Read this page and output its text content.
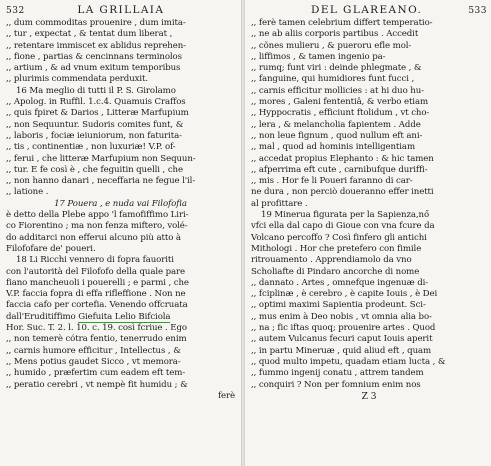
532	LA GRILLAIA
,, dum commoditas prouenire , dum imita-
,, tur , expectat , & tentat dum liberat ,
,, retentare immiscet ex ablidus reprehen-
,, fione , partias & cencinnans terminolos
,, artium , & ad vnum exitum temporibus
,, plurimis commendata perduxit.
16 Ma meglio di tutti il P. S. Girolamo
,, Apolog. in Ruffil. 1.c.4. Quamuis Craffos
,, quis fpiret & Darios , Litteræ Marfupium
,, non Sequuntur. Sudoris comites funt, &
,, laboris , fociæ ieiuniorum, non faturita-
,, tis , continentiæ , non luxuriæ! V.P. of-
,, ferui , che litteræ Marfupium non Sequun-
,, tur. E fe così è , che feguitin quelli , che
,, non hanno danari , neceffaria ne fegue l'il-
,, latione .
17 Pouera , e nuda vai Filofofia
è detto della Plebe appo 'l famofiffimo Liri-
co Fiorentino ; ma non fenza miftero, volé-
do additarci non efferui alcuno più atto à
Filofofare de' poueri.
18 Li Ricchi vennero di fopra fauoriti
con l'autorità del Filofofo della quale pare
fiano mancheuoli i pouerelli ; e parmi , che
V.P. faccia fopra di effa rifleffione . Non ne
faccia cafo per cortefia. Venendo offcruata
dall'Eruditiffimo Giefuita Lelio Bifciola
Hor. Suc. T. 2. l. 10. c. 19. così fcriue . Ego
,, non temerè cótra fentio, tenerrudo enim
,, carnis humore efficitur , Intellectus , &
,, Mens potius gaudet Sicco , vt memora-
,, humido , præfertim cum eadem eft tem-
,, peratio cerebri , vt nempè fit humidu ; &
ferè
DEL GLAREANO.	533
,, ferè tamen celebrium differt temperatio-
,, ne ab aliis corporis partibus . Accedit
,, cõnes mulieru , & pueroru efle mol-
,, liffimos , & tamen ingenio pa-
,, rumq; funt viri : deinde phlegmate , &
,, fanguine, qui humidiores funt fucci ,
,, carnis efficitur mollicies : at hi duo hu-
,, mores , Galeni fententiâ, & verbo etiam
,, Hyppocratis , efficiunt ftolidum , vt cho-
,, lera , & melancholia fapientem . Adde
,, non leue fignum , quod nullum eft ani-
,, mal , quod ad hominis intelligentiam
,, accedat propius Elephanto : & hic tamen
,, afperrima eft cute , carnibufque duriffi-
,, mis . Hor fe li Poueri faranno di car-
ne dura , non perciò doueranno effer inetti
al profittare .
19 Minerua figurata per la Sapienza,nő
vfci ella dal capo di Gioue con vna fcure da
Volcano percoffo ? Così finfero gli antichi
Mithologi . Hor che pretefero con fimile
ritrouamento . Apprendiamolo da vno
Scholiafte di Pindaro ancorche di nome
,, dannato . Artes , omnefque ingenuæ di-
,, fciplinæ , è cerebro , è capite Iouis , è Dei
,, optimi maximi Sapientia prodeunt. Sci-
,, mus enim à Deo nobis , vt omnia alia bo-
,, na ; fic iftas quoq; prouenire artes . Quod
,, autem Vulcanus fecuri caput Iouis aperit
,, in partu Mineruæ , quid aliud eft , quam
,, quod multo impetu, quadam etiam lucta , &
,, fummo ingenij conatu , attrem tandem
,, conquiri ? Non per fomnium enim nos
Z 3
